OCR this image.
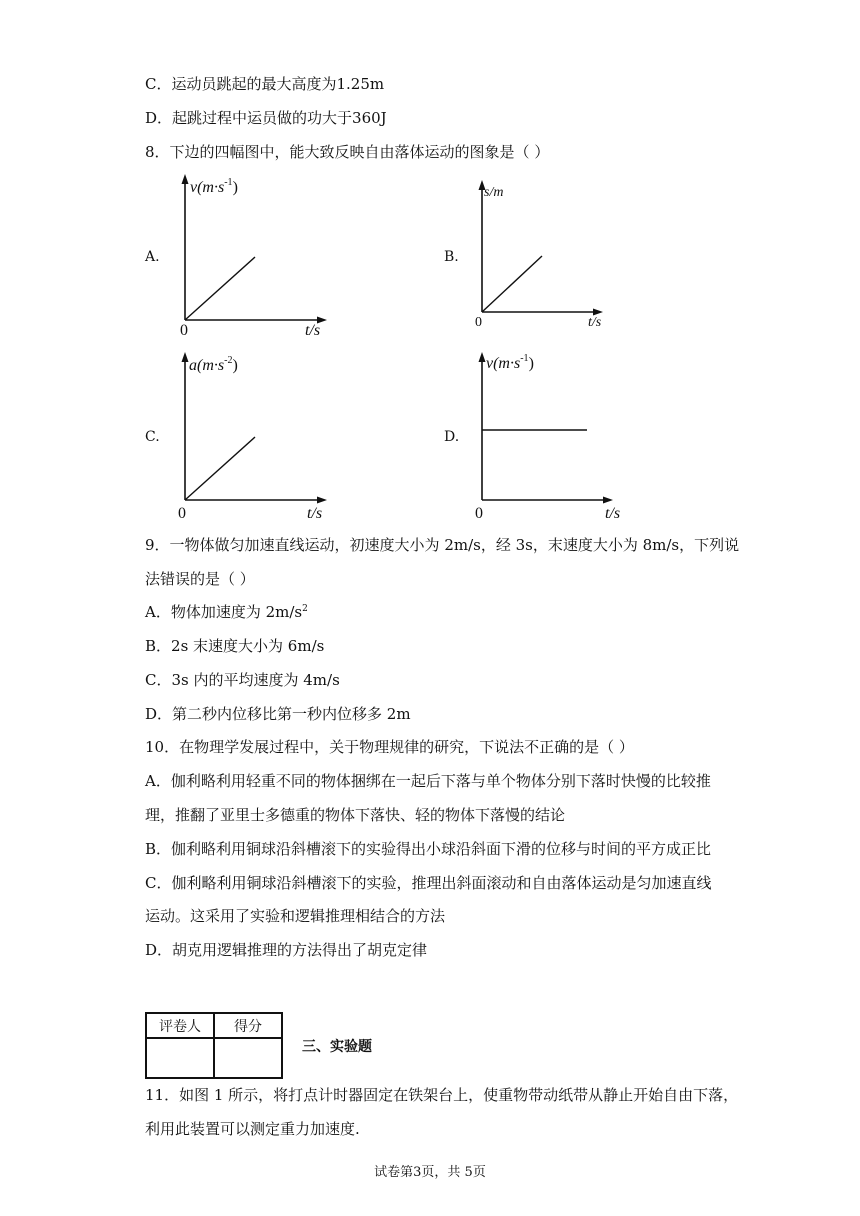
C．运动员跳起的最大高度为1.25m
D．起跳过程中运员做的功大于360J
8．下边的四幅图中，能大致反映自由落体运动的图象是（ ）
A.
$v(m\cdot s^{-1})$
0	t/s
B.
s/m
0	t/s
C.
$a(m\cdot s^{-2})$
0	t/s
D.
$v(m\cdot s^{-1})$
0	t/s
9．一物体做匀加速直线运动，初速度大小为 2m/s，经 3s，末速度大小为 8m/s，下列说
法错误的是（ ）
A．物体加速度为 $2m/s^2$
B．2s 末速度大小为 6m/s
C．3s 内的平均速度为 4m/s
D．第二秒内位移比第一秒内位移多 2m
10．在物理学发展过程中，关于物理规律的研究，下说法不正确的是（ ）
A．伽利略利用轻重不同的物体捆绑在一起后下落与单个物体分别下落时快慢的比较推
理，推翻了亚里士多德重的物体下落快、轻的物体下落慢的结论
B．伽利略利用铜球沿斜槽滚下的实验得出小球沿斜面下滑的位移与时间的平方成正比
C．伽利略利用铜球沿斜槽滚下的实验，推理出斜面滚动和自由落体运动是匀加速直线
运动。这采用了实验和逻辑推理相结合的方法
D．胡克用逻辑推理的方法得出了胡克定律
评卷人	得分

三、实验题
11．如图 1 所示，将打点计时器固定在铁架台上，使重物带动纸带从静止开始自由下落，
利用此装置可以测定重力加速度.
试卷第3页，共 5页
